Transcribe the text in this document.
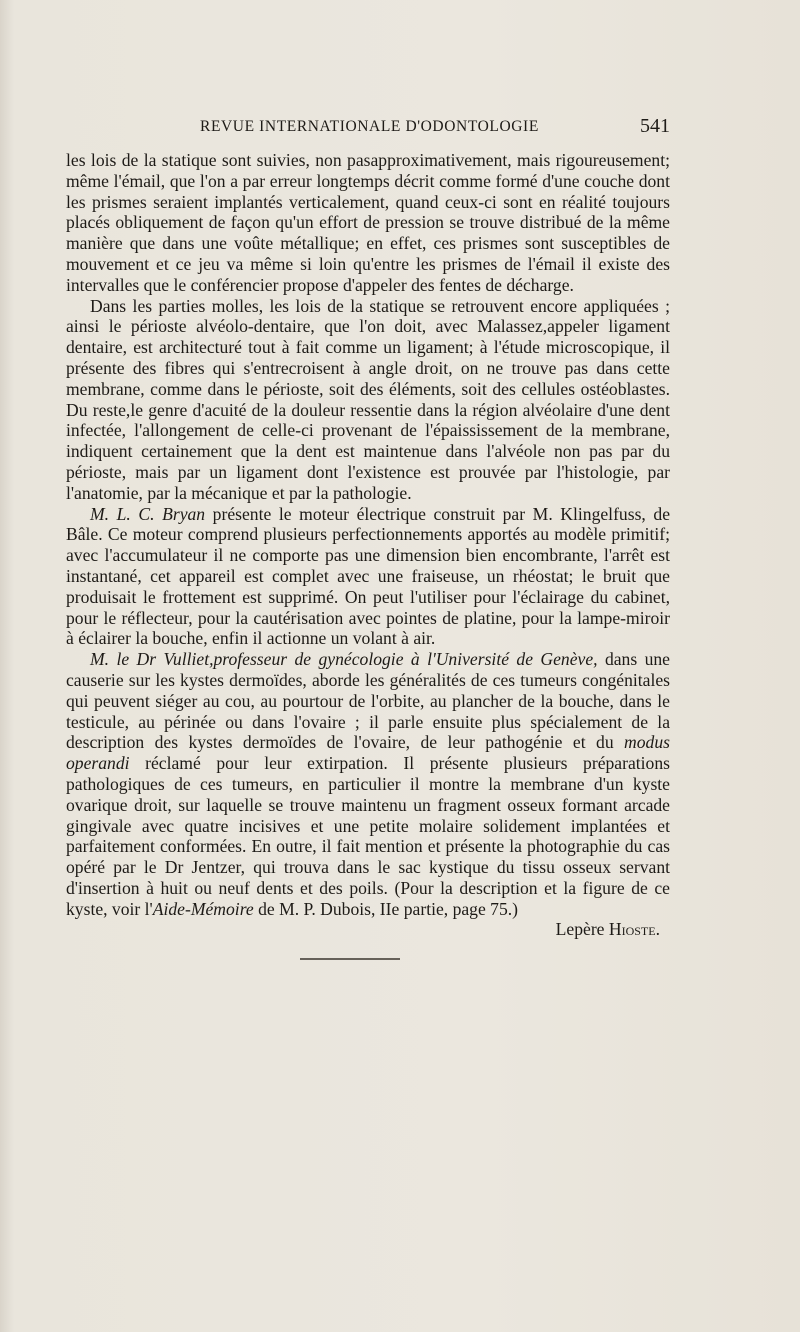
REVUE INTERNATIONALE D'ODONTOLOGIE	541

les lois de la statique sont suivies, non pasapproximativement, mais rigoureusement; même l'émail, que l'on a par erreur longtemps décrit comme formé d'une couche dont les prismes seraient implantés verticalement, quand ceux-ci sont en réalité toujours placés obliquement de façon qu'un effort de pression se trouve distribué de la même manière que dans une voûte métallique; en effet, ces prismes sont susceptibles de mouvement et ce jeu va même si loin qu'entre les prismes de l'émail il existe des intervalles que le conférencier propose d'appeler des fentes de décharge.

Dans les parties molles, les lois de la statique se retrouvent encore appliquées ; ainsi le périoste alvéolo-dentaire, que l'on doit, avec Malassez,appeler ligament dentaire, est architecturé tout à fait comme un ligament; à l'étude microscopique, il présente des fibres qui s'entrecroisent à angle droit, on ne trouve pas dans cette membrane, comme dans le périoste, soit des éléments, soit des cellules ostéoblastes. Du reste,le genre d'acuité de la douleur ressentie dans la région alvéolaire d'une dent infectée, l'allongement de celle-ci provenant de l'épaississement de la membrane, indiquent certainement que la dent est maintenue dans l'alvéole non pas par du périoste, mais par un ligament dont l'existence est prouvée par l'histologie, par l'anatomie, par la mécanique et par la pathologie.

M. L. C. Bryan présente le moteur électrique construit par M. Klingelfuss, de Bâle. Ce moteur comprend plusieurs perfectionnements apportés au modèle primitif; avec l'accumulateur il ne comporte pas une dimension bien encombrante, l'arrêt est instantané, cet appareil est complet avec une fraiseuse, un rhéostat; le bruit que produisait le frottement est supprimé. On peut l'utiliser pour l'éclairage du cabinet, pour le réflecteur, pour la cautérisation avec pointes de platine, pour la lampe-miroir à éclairer la bouche, enfin il actionne un volant à air.

M. le Dr Vulliet,professeur de gynécologie à l'Université de Genève, dans une causerie sur les kystes dermoïdes, aborde les généralités de ces tumeurs congénitales qui peuvent siéger au cou, au pourtour de l'orbite, au plancher de la bouche, dans le testicule, au périnée ou dans l'ovaire ; il parle ensuite plus spécialement de la description des kystes dermoïdes de l'ovaire, de leur pathogénie et du modus operandi réclamé pour leur extirpation. Il présente plusieurs préparations pathologiques de ces tumeurs, en particulier il montre la membrane d'un kyste ovarique droit, sur laquelle se trouve maintenu un fragment osseux formant arcade gingivale avec quatre incisives et une petite molaire solidement implantées et parfaitement conformées. En outre, il fait mention et présente la photographie du cas opéré par le Dr Jentzer, qui trouva dans le sac kystique du tissu osseux servant d'insertion à huit ou neuf dents et des poils. (Pour la description et la figure de ce kyste, voir l'Aide-Mémoire de M. P. Dubois, IIe partie, page 75.)

Lepère Hioste.
